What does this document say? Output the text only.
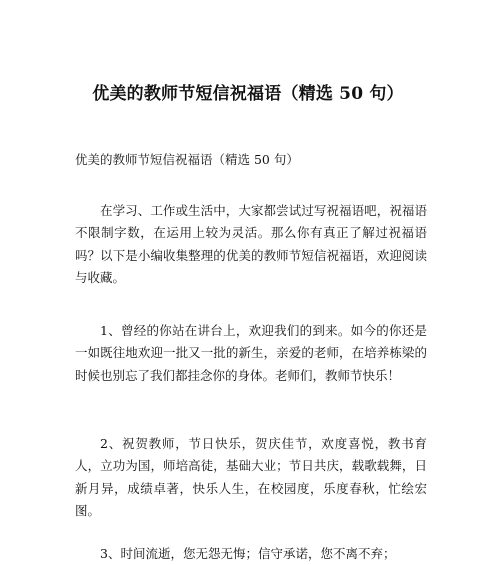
优美的教师节短信祝福语（精选 50 句）
优美的教师节短信祝福语（精选 50 句）

在学习、工作或生活中，大家都尝试过写祝福语吧，祝福语不限制字数，在运用上较为灵活。那么你有真正了解过祝福语吗？以下是小编收集整理的优美的教师节短信祝福语，欢迎阅读与收藏。

1、曾经的你站在讲台上，欢迎我们的到来。如今的你还是一如既往地欢迎一批又一批的新生，亲爱的老师，在培养栋梁的时候也别忘了我们都挂念你的身体。老师们，教师节快乐！

2、祝贺教师，节日快乐，贺庆佳节，欢度喜悦，教书育人，立功为国，师培高徒，基础大业；节日共庆，载歌载舞，日新月异，成绩卓著，快乐人生，在校园度，乐度春秋，忙绘宏图。

3、时间流逝，您无怨无悔；信守承诺，您不离不弃；
